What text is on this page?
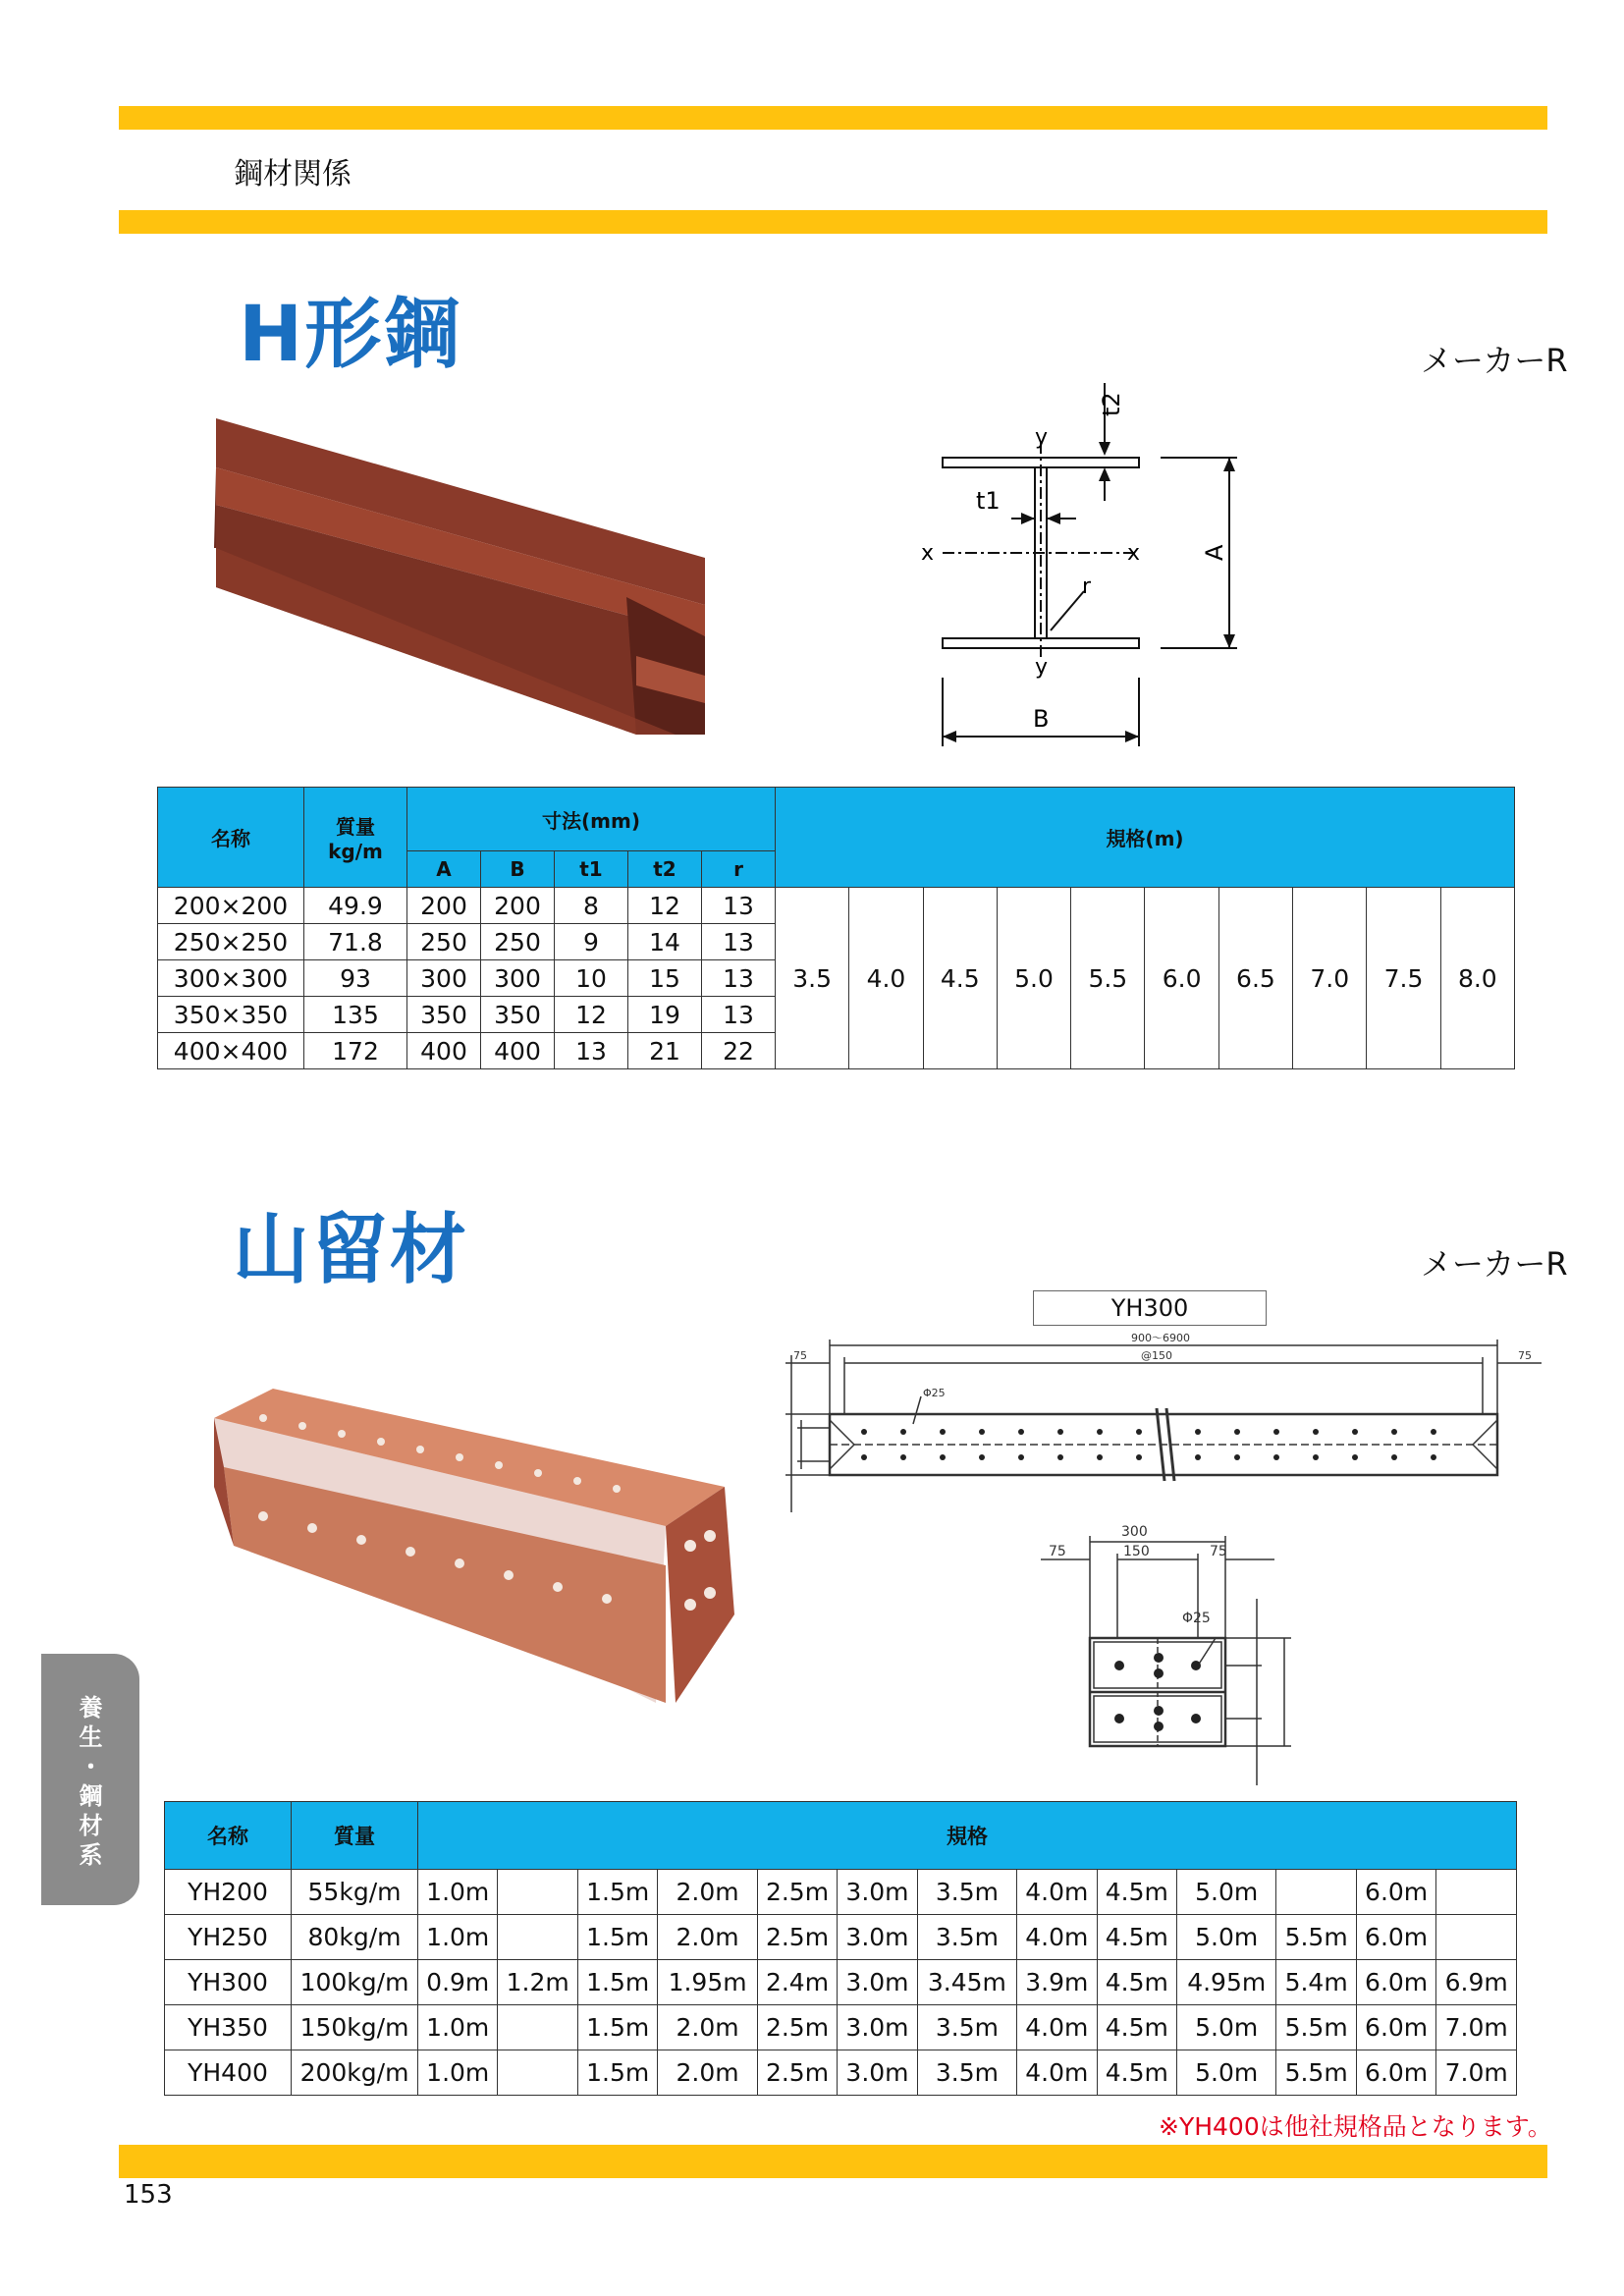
鋼材関係
H形鋼	メーカーR
y
y
x	x
t1
t2
r
A
B
名称	質量
kg/m	寸法(mm)					規格(m)									
		A	B	t1	t2	r										
200×200	49.9	200	200	8	12	13	3.5	4.0	4.5	5.0	5.5	6.0	6.5	7.0	7.5	8.0
250×250	71.8	250	250	9	14	13										
300×300	93	300	300	10	15	13										
350×350	135	350	350	12	19	13										
400×400	172	400	400	13	21	22										
山留材	メーカーR
YH300
900～6900
@150
75	75
Φ25
300
150
75	75
Φ25
名称	質量	規格												
YH200	55kg/m	1.0m		1.5m	2.0m	2.5m	3.0m	3.5m	4.0m	4.5m	5.0m		6.0m	
YH250	80kg/m	1.0m		1.5m	2.0m	2.5m	3.0m	3.5m	4.0m	4.5m	5.0m	5.5m	6.0m	
YH300	100kg/m	0.9m	1.2m	1.5m	1.95m	2.4m	3.0m	3.45m	3.9m	4.5m	4.95m	5.4m	6.0m	6.9m
YH350	150kg/m	1.0m		1.5m	2.0m	2.5m	3.0m	3.5m	4.0m	4.5m	5.0m	5.5m	6.0m	7.0m
YH400	200kg/m	1.0m		1.5m	2.0m	2.5m	3.0m	3.5m	4.0m	4.5m	5.0m	5.5m	6.0m	7.0m
※YH400は他社規格品となります。
養生・鋼材系
153
